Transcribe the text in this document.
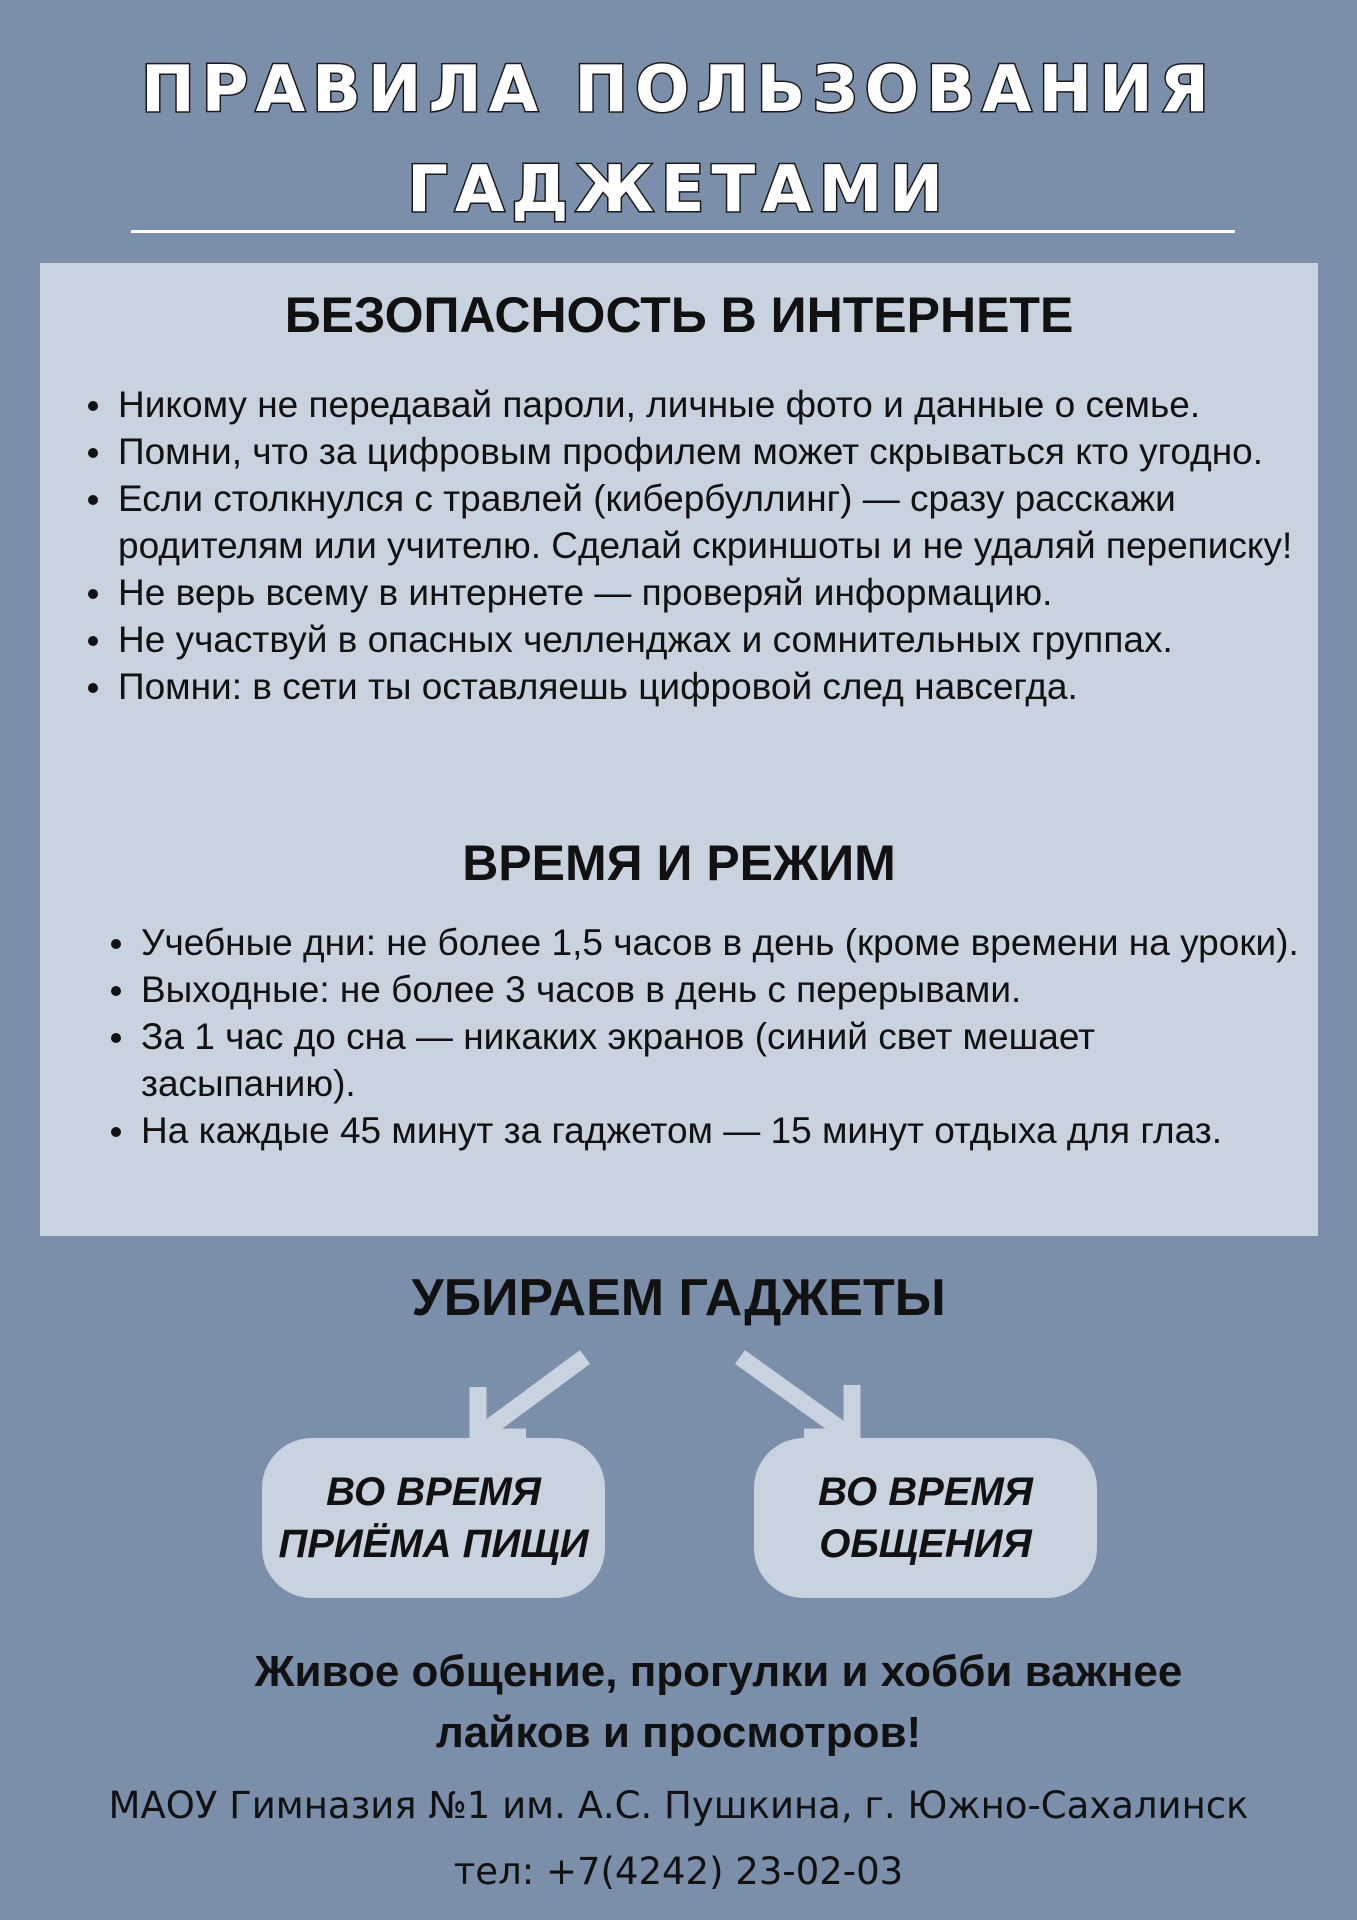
ПРАВИЛА ПОЛЬЗОВАНИЯ
ГАДЖЕТАМИ
БЕЗОПАСНОСТЬ В ИНТЕРНЕТЕ
Никому не передавай пароли, личные фото и данные о семье.
Помни, что за цифровым профилем может скрываться кто угодно.
Если столкнулся с травлей (кибербуллинг) — сразу расскажи родителям или учителю. Сделай скриншоты и не удаляй переписку!
Не верь всему в интернете — проверяй информацию.
Не участвуй в опасных челленджах и сомнительных группах.
Помни: в сети ты оставляешь цифровой след навсегда.
ВРЕМЯ И РЕЖИМ
Учебные дни: не более 1,5 часов в день (кроме времени на уроки).
Выходные: не более 3 часов в день с перерывами.
За 1 час до сна — никаких экранов (синий свет мешает засыпанию).
На каждые 45 минут за гаджетом — 15 минут отдыха для глаз.
УБИРАЕМ ГАДЖЕТЫ
ВО ВРЕМЯ
ПРИЁМА ПИЩИ
ВО ВРЕМЯ
ОБЩЕНИЯ
Живое общение, прогулки и хобби важнее
лайков и просмотров!
МАОУ Гимназия №1 им. А.С. Пушкина, г. Южно-Сахалинск
тел: +7(4242) 23-02-03
